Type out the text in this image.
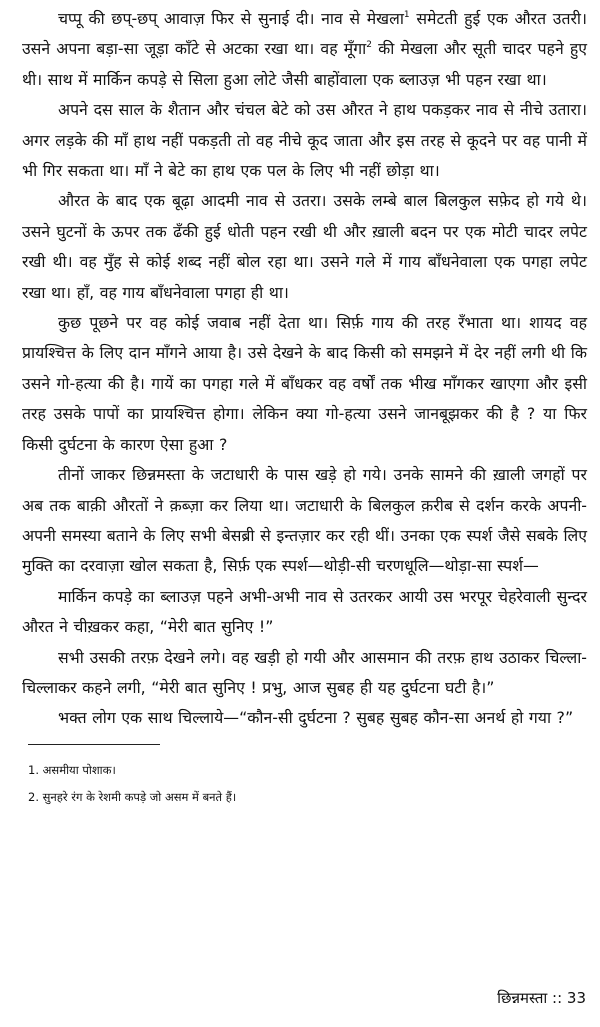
चप्पू की छप्-छप् आवाज़ फिर से सुनाई दी। नाव से मेखला$^1$ समेटती हुई एक औरत उतरी। उसने अपना बड़ा-सा जूड़ा काँटे से अटका रखा था। वह मूँगा$^2$ की मेखला और सूती चादर पहने हुए थी। साथ में मार्किन कपड़े से सिला हुआ लोटे जैसी बाहोंवाला एक ब्लाउज़ भी पहन रखा था।

अपने दस साल के शैतान और चंचल बेटे को उस औरत ने हाथ पकड़कर नाव से नीचे उतारा। अगर लड़के की माँ हाथ नहीं पकड़ती तो वह नीचे कूद जाता और इस तरह से कूदने पर वह पानी में भी गिर सकता था। माँ ने बेटे का हाथ एक पल के लिए भी नहीं छोड़ा था।

औरत के बाद एक बूढ़ा आदमी नाव से उतरा। उसके लम्बे बाल बिलकुल सफ़ेद हो गये थे। उसने घुटनों के ऊपर तक ढँकी हुई धोती पहन रखी थी और ख़ाली बदन पर एक मोटी चादर लपेट रखी थी। वह मुँह से कोई शब्द नहीं बोल रहा था। उसने गले में गाय बाँधनेवाला एक पगहा लपेट रखा था। हाँ, वह गाय बाँधनेवाला पगहा ही था।

कुछ पूछने पर वह कोई जवाब नहीं देता था। सिर्फ़ गाय की तरह रँभाता था। शायद वह प्रायश्चित्त के लिए दान माँगने आया है। उसे देखने के बाद किसी को समझने में देर नहीं लगी थी कि उसने गो-हत्या की है। गायें का पगहा गले में बाँधकर वह वर्षों तक भीख माँगकर खाएगा और इसी तरह उसके पापों का प्रायश्चित्त होगा। लेकिन क्या गो-हत्या उसने जानबूझकर की है ? या फिर किसी दुर्घटना के कारण ऐसा हुआ ?

तीनों जाकर छिन्नमस्ता के जटाधारी के पास खड़े हो गये। उनके सामने की ख़ाली जगहों पर अब तक बाक़ी औरतों ने क़ब्ज़ा कर लिया था। जटाधारी के बिलकुल क़रीब से दर्शन करके अपनी-अपनी समस्या बताने के लिए सभी बेसब्री से इन्तज़ार कर रही थीं। उनका एक स्पर्श जैसे सबके लिए मुक्ति का दरवाज़ा खोल सकता है, सिर्फ़ एक स्पर्श—थोड़ी-सी चरणधूलि—थोड़ा-सा स्पर्श—

मार्किन कपड़े का ब्लाउज़ पहने अभी-अभी नाव से उतरकर आयी उस भरपूर चेहरेवाली सुन्दर औरत ने चीख़कर कहा, “मेरी बात सुनिए !”

सभी उसकी तरफ़ देखने लगे। वह खड़ी हो गयी और आसमान की तरफ़ हाथ उठाकर चिल्ला-चिल्लाकर कहने लगी, “मेरी बात सुनिए ! प्रभु, आज सुबह ही यह दुर्घटना घटी है।”

भक्त लोग एक साथ चिल्लाये—“कौन-सी दुर्घटना ? सुबह सुबह कौन-सा अनर्थ हो गया ?”

1. असमीया पोशाक।

2. सुनहरे रंग के रेशमी कपड़े जो असम में बनते हैं।

छिन्नमस्ता :: 33
